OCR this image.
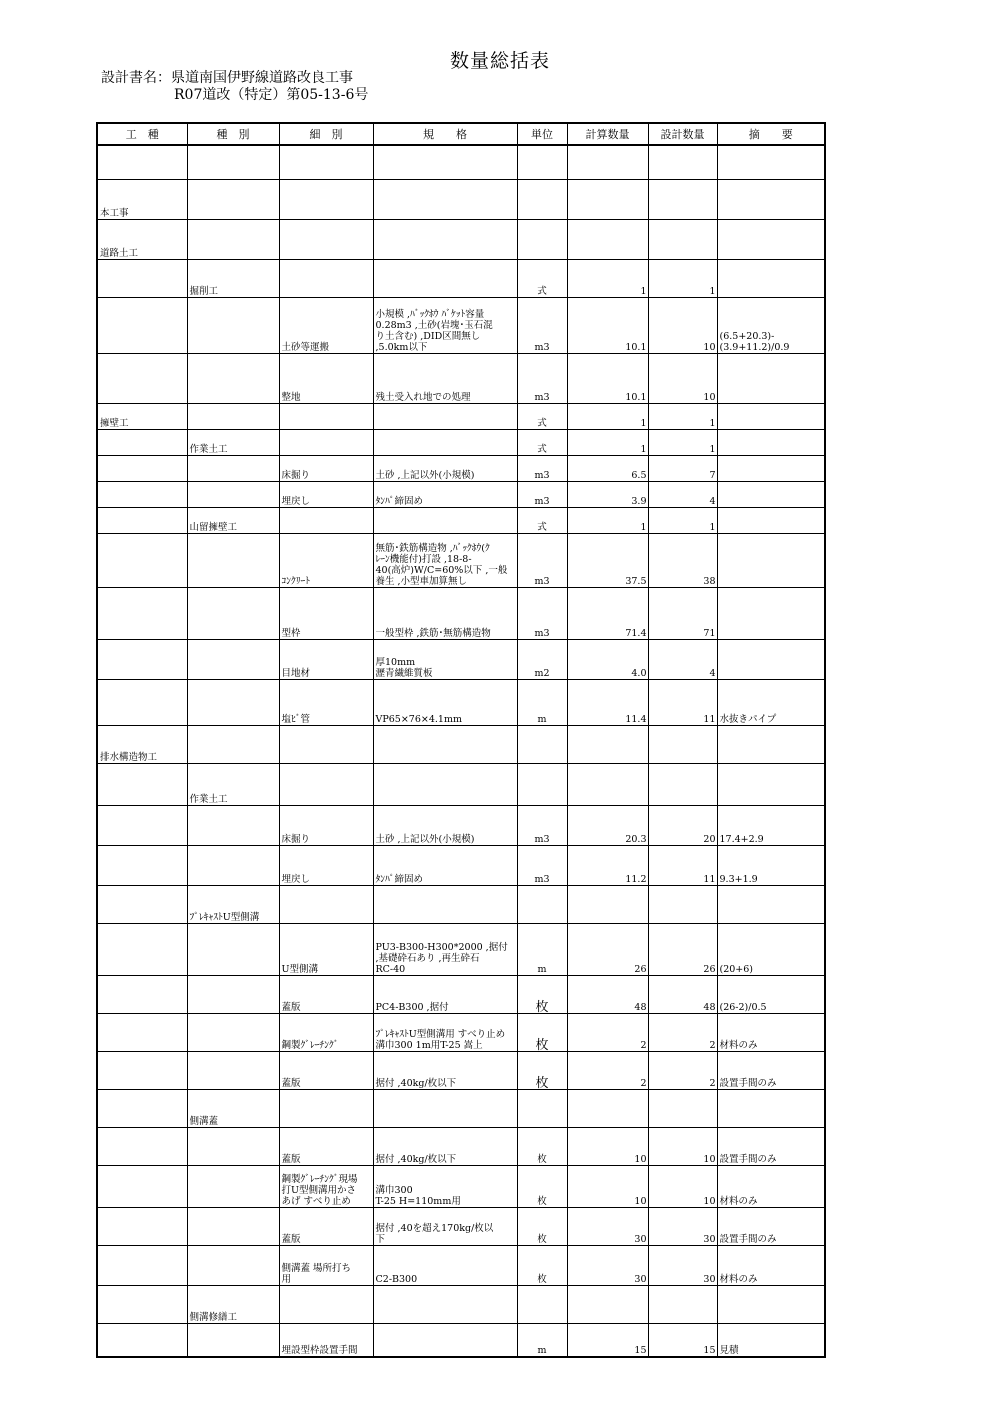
数量総括表
設計書名：県道南国伊野線道路改良工事
R07道改（特定）第05-13-6号
工　種	種　別	細　別	規　　格	単位	計算数量	設計数量	摘　　要

本工事							
道路土工							
	掘削工			式	1	1	
		土砂等運搬	小規模 ,ﾊﾞｯｸﾎｳ ﾊﾞｹｯﾄ容量
0.28m3 ,土砂(岩塊･玉石混
り土含む) ,DID区間無し
,5.0km以下	m3	10.1	10	(6.5+20.3)-
(3.9+11.2)/0.9
		整地	残土受入れ地での処理	m3	10.1	10	
擁壁工				式	1	1	
	作業土工			式	1	1	
		床掘り	土砂 ,上記以外(小規模)	m3	6.5	7	
		埋戻し	ﾀﾝﾊﾟ締固め	m3	3.9	4	
	山留擁壁工			式	1	1	
		ｺﾝｸﾘｰﾄ	無筋･鉄筋構造物 ,ﾊﾞｯｸﾎｳ(ｸ
ﾚｰﾝ機能付)打設 ,18-8-
40(高炉)W/C=60%以下 ,一般
養生 ,小型車加算無し	m3	37.5	38	
		型枠	一般型枠 ,鉄筋･無筋構造物	m3	71.4	71	
		目地材	厚10mm
瀝青繊維質板	m2	4.0	4	
		塩ﾋﾞ管	VP65×76×4.1mm	m	11.4	11	水抜きパイプ
排水構造物工							
	作業土工						
		床掘り	土砂 ,上記以外(小規模)	m3	20.3	20	17.4+2.9
		埋戻し	ﾀﾝﾊﾟ締固め	m3	11.2	11	9.3+1.9
	ﾌﾟﾚｷｬｽﾄU型側溝						
		U型側溝	PU3-B300-H300*2000 ,据付
,基礎砕石あり ,再生砕石
RC-40	m	26	26	(20+6)
		蓋版	PC4-B300 ,据付	枚	48	48	(26-2)/0.5
		鋼製ｸﾞﾚｰﾁﾝｸﾞ	ﾌﾟﾚｷｬｽﾄU型側溝用 すべり止め
溝巾300 1m用T-25 嵩上	枚	2	2	材料のみ
		蓋版	据付 ,40kg/枚以下	枚	2	2	設置手間のみ
	側溝蓋						
		蓋版	据付 ,40kg/枚以下	枚	10	10	設置手間のみ
		鋼製ｸﾞﾚｰﾁﾝｸﾞ現場
打U型側溝用かさ
あげ すべり止め	溝巾300
T-25 H=110mm用	枚	10	10	材料のみ
		蓋版	据付 ,40を超え170kg/枚以
下	枚	30	30	設置手間のみ
		側溝蓋 場所打ち
用	C2-B300	枚	30	30	材料のみ
	側溝修繕工						
		埋設型枠設置手間		m	15	15	見積
